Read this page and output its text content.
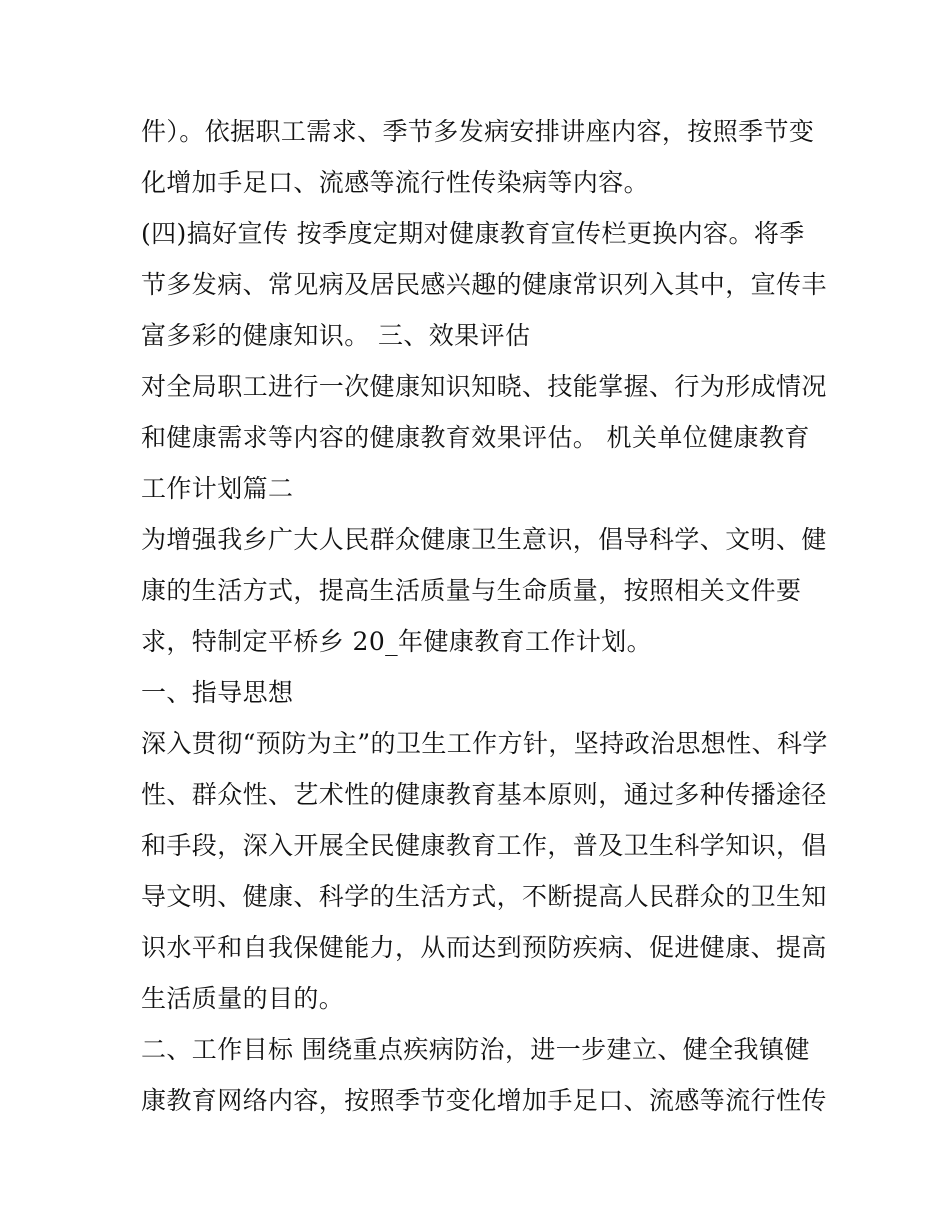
件）。依据职工需求、季节多发病安排讲座内容，按照季节变
化增加手足口、流感等流行性传染病等内容。
(四)搞好宣传 按季度定期对健康教育宣传栏更换内容。将季
节多发病、常见病及居民感兴趣的健康常识列入其中，宣传丰
富多彩的健康知识。 三、效果评估
对全局职工进行一次健康知识知晓、技能掌握、行为形成情况
和健康需求等内容的健康教育效果评估。 机关单位健康教育
工作计划篇二
为增强我乡广大人民群众健康卫生意识，倡导科学、文明、健
康的生活方式，提高生活质量与生命质量，按照相关文件要
求，特制定平桥乡 20_年健康教育工作计划。
一、指导思想
深入贯彻“预防为主”的卫生工作方针，坚持政治思想性、科学
性、群众性、艺术性的健康教育基本原则，通过多种传播途径
和手段，深入开展全民健康教育工作，普及卫生科学知识，倡
导文明、健康、科学的生活方式，不断提高人民群众的卫生知
识水平和自我保健能力，从而达到预防疾病、促进健康、提高
生活质量的目的。
二、工作目标 围绕重点疾病防治，进一步建立、健全我镇健
康教育网络内容，按照季节变化增加手足口、流感等流行性传
